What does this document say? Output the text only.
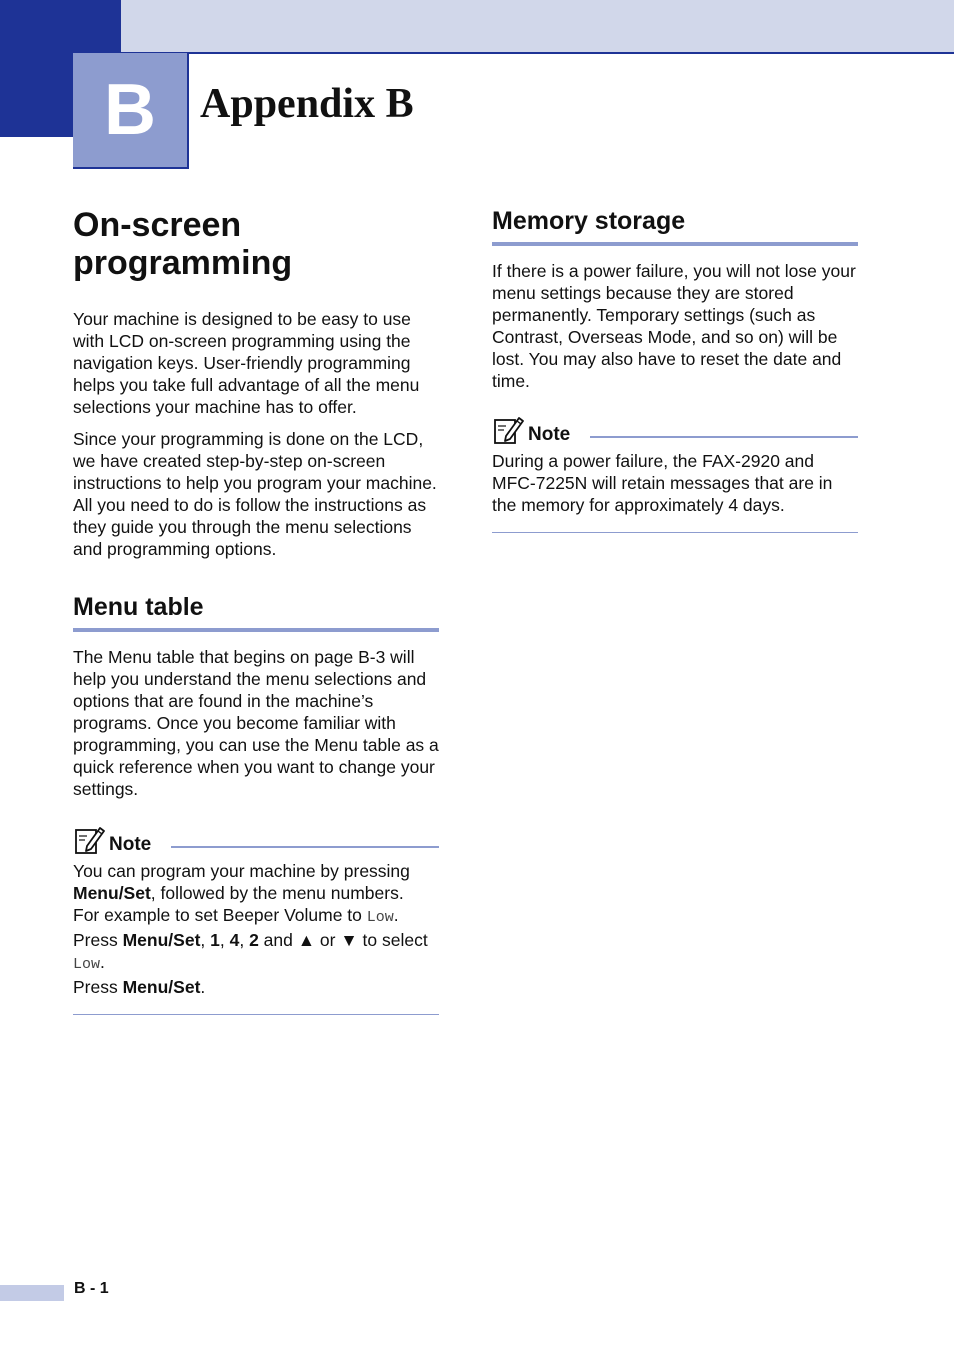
B	Appendix B
On-screen programming

Your machine is designed to be easy to use with LCD on-screen programming using the navigation keys. User-friendly programming helps you take full advantage of all the menu selections your machine has to offer.

Since your programming is done on the LCD, we have created step-by-step on-screen instructions to help you program your machine. All you need to do is follow the instructions as they guide you through the menu selections and programming options.

Menu table

The Menu table that begins on page B-3 will help you understand the menu selections and options that are found in the machine’s programs. Once you become familiar with programming, you can use the Menu table as a quick reference when you want to change your settings.

Note
You can program your machine by pressing Menu/Set, followed by the menu numbers.
For example to set Beeper Volume to Low.
Press Menu/Set, 1, 4, 2 and ▲ or ▼ to select Low.
Press Menu/Set.
Memory storage

If there is a power failure, you will not lose your menu settings because they are stored permanently. Temporary settings (such as Contrast, Overseas Mode, and so on) will be lost. You may also have to reset the date and time.

Note
During a power failure, the FAX-2920 and MFC-7225N will retain messages that are in the memory for approximately 4 days.
B - 1
